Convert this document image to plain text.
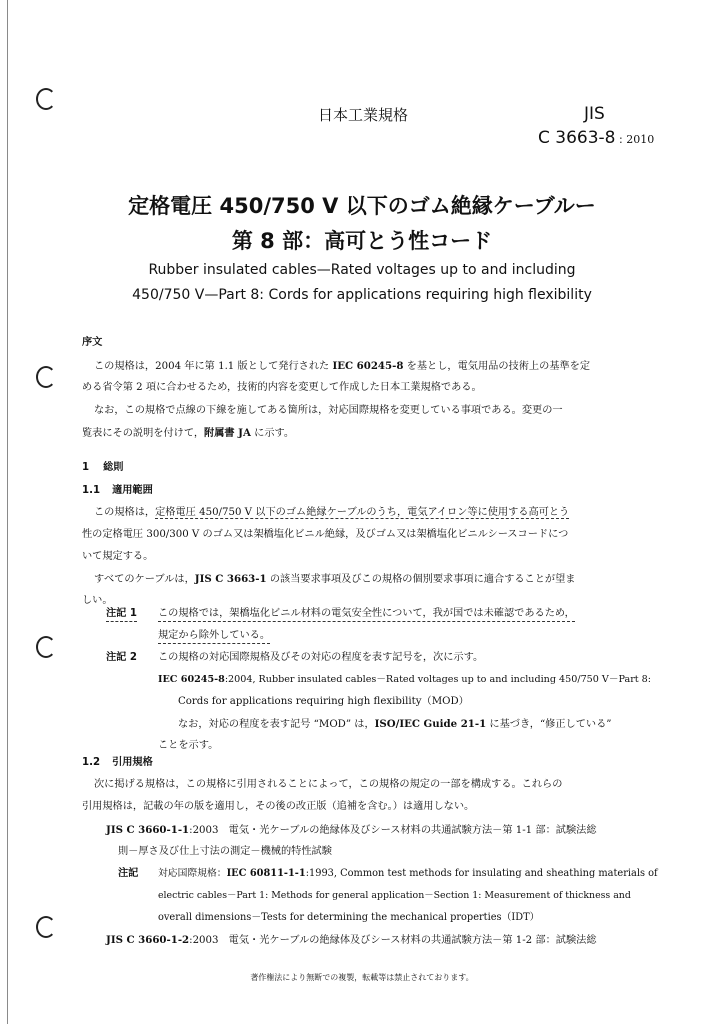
日本工業規格	JIS
C 3663-8 : 2010
定格電圧 450/750 V 以下のゴム絶縁ケーブルー
第 8 部：高可とう性コード
Rubber insulated cables—Rated voltages up to and including
450/750 V—Part 8: Cords for applications requiring high flexibility
序文
この規格は，2004 年に第 1.1 版として発行された IEC 60245-8 を基とし，電気用品の技術上の基準を定
める省令第 2 項に合わせるため，技術的内容を変更して作成した日本工業規格である。
なお，この規格で点線の下線を施してある箇所は，対応国際規格を変更している事項である。変更の一
覧表にその説明を付けて，附属書 JA に示す。
1 総則
1.1 適用範囲
この規格は，定格電圧 450/750 V 以下のゴム絶縁ケーブルのうち，電気アイロン等に使用する高可とう
性の定格電圧 300/300 V のゴム又は架橋塩化ビニル絶縁，及びゴム又は架橋塩化ビニルシースコードにつ
いて規定する。
すべてのケーブルは，JIS C 3663-1 の該当要求事項及びこの規格の個別要求事項に適合することが望ま
しい。
注記 1 この規格では，架橋塩化ビニル材料の電気安全性について，我が国では未確認であるため，
規定から除外している。
注記 2 この規格の対応国際規格及びその対応の程度を表す記号を，次に示す。
IEC 60245-8:2004, Rubber insulated cables－Rated voltages up to and including 450/750 V－Part 8:
Cords for applications requiring high flexibility（MOD）
なお，対応の程度を表す記号 “MOD” は，ISO/IEC Guide 21-1 に基づき，“修正している”
ことを示す。
1.2 引用規格
次に掲げる規格は，この規格に引用されることによって，この規格の規定の一部を構成する。これらの
引用規格は，記載の年の版を適用し，その後の改正版（追補を含む。）は適用しない。
JIS C 3660-1-1:2003　電気・光ケーブルの絶縁体及びシース材料の共通試験方法－第 1-1 部：試験法総
則－厚さ及び仕上寸法の測定－機械的特性試験
注記 対応国際規格：IEC 60811-1-1:1993, Common test methods for insulating and sheathing materials of
electric cables－Part 1: Methods for general application－Section 1: Measurement of thickness and
overall dimensions－Tests for determining the mechanical properties（IDT）
JIS C 3660-1-2:2003　電気・光ケーブルの絶縁体及びシース材料の共通試験方法－第 1-2 部：試験法総
著作権法により無断での複製，転載等は禁止されております。
